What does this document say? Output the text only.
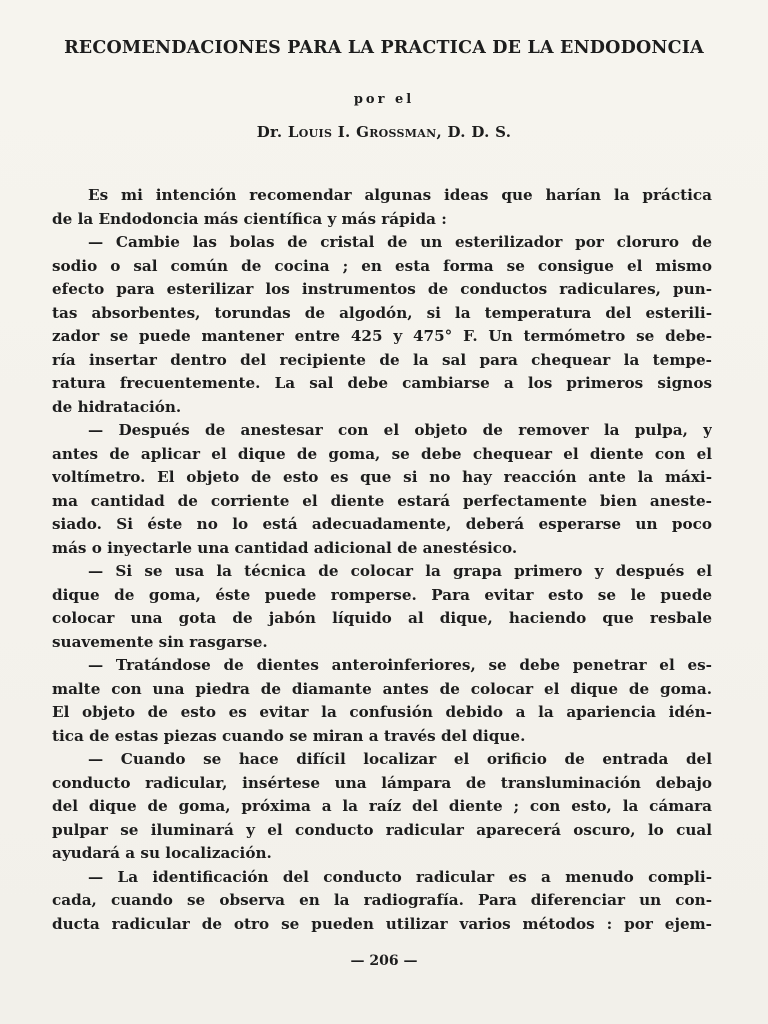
RECOMENDACIONES PARA LA PRACTICA DE LA ENDODONCIA
por el
Dr. Louis I. Grossman, D. D. S.
Es mi intención recomendar algunas ideas que harían la práctica
de la Endodoncia más científica y más rápida :
— Cambie las bolas de cristal de un esterilizador por cloruro de
sodio o sal común de cocina ; en esta forma se consigue el mismo
efecto para esterilizar los instrumentos de conductos radiculares, pun-
tas absorbentes, torundas de algodón, si la temperatura del esterili-
zador se puede mantener entre 425 y 475° F. Un termómetro se debe-
ría insertar dentro del recipiente de la sal para chequear la tempe-
ratura frecuentemente. La sal debe cambiarse a los primeros signos
de hidratación.
— Después de anestesar con el objeto de remover la pulpa, y
antes de aplicar el dique de goma, se debe chequear el diente con el
voltímetro. El objeto de esto es que si no hay reacción ante la máxi-
ma cantidad de corriente el diente estará perfectamente bien aneste-
siado. Si éste no lo está adecuadamente, deberá esperarse un poco
más o inyectarle una cantidad adicional de anestésico.
— Si se usa la técnica de colocar la grapa primero y después el
dique de goma, éste puede romperse. Para evitar esto se le puede
colocar una gota de jabón líquido al dique, haciendo que resbale
suavemente sin rasgarse.
— Tratándose de dientes anteroinferiores, se debe penetrar el es-
malte con una piedra de diamante antes de colocar el dique de goma.
El objeto de esto es evitar la confusión debido a la apariencia idén-
tica de estas piezas cuando se miran a través del dique.
— Cuando se hace difícil localizar el orificio de entrada del
conducto radicular, insértese una lámpara de transluminación debajo
del dique de goma, próxima a la raíz del diente ; con esto, la cámara
pulpar se iluminará y el conducto radicular aparecerá oscuro, lo cual
ayudará a su localización.
— La identificación del conducto radicular es a menudo compli-
cada, cuando se observa en la radiografía. Para diferenciar un con-
ducta radicular de otro se pueden utilizar varios métodos : por ejem-
— 206 —
